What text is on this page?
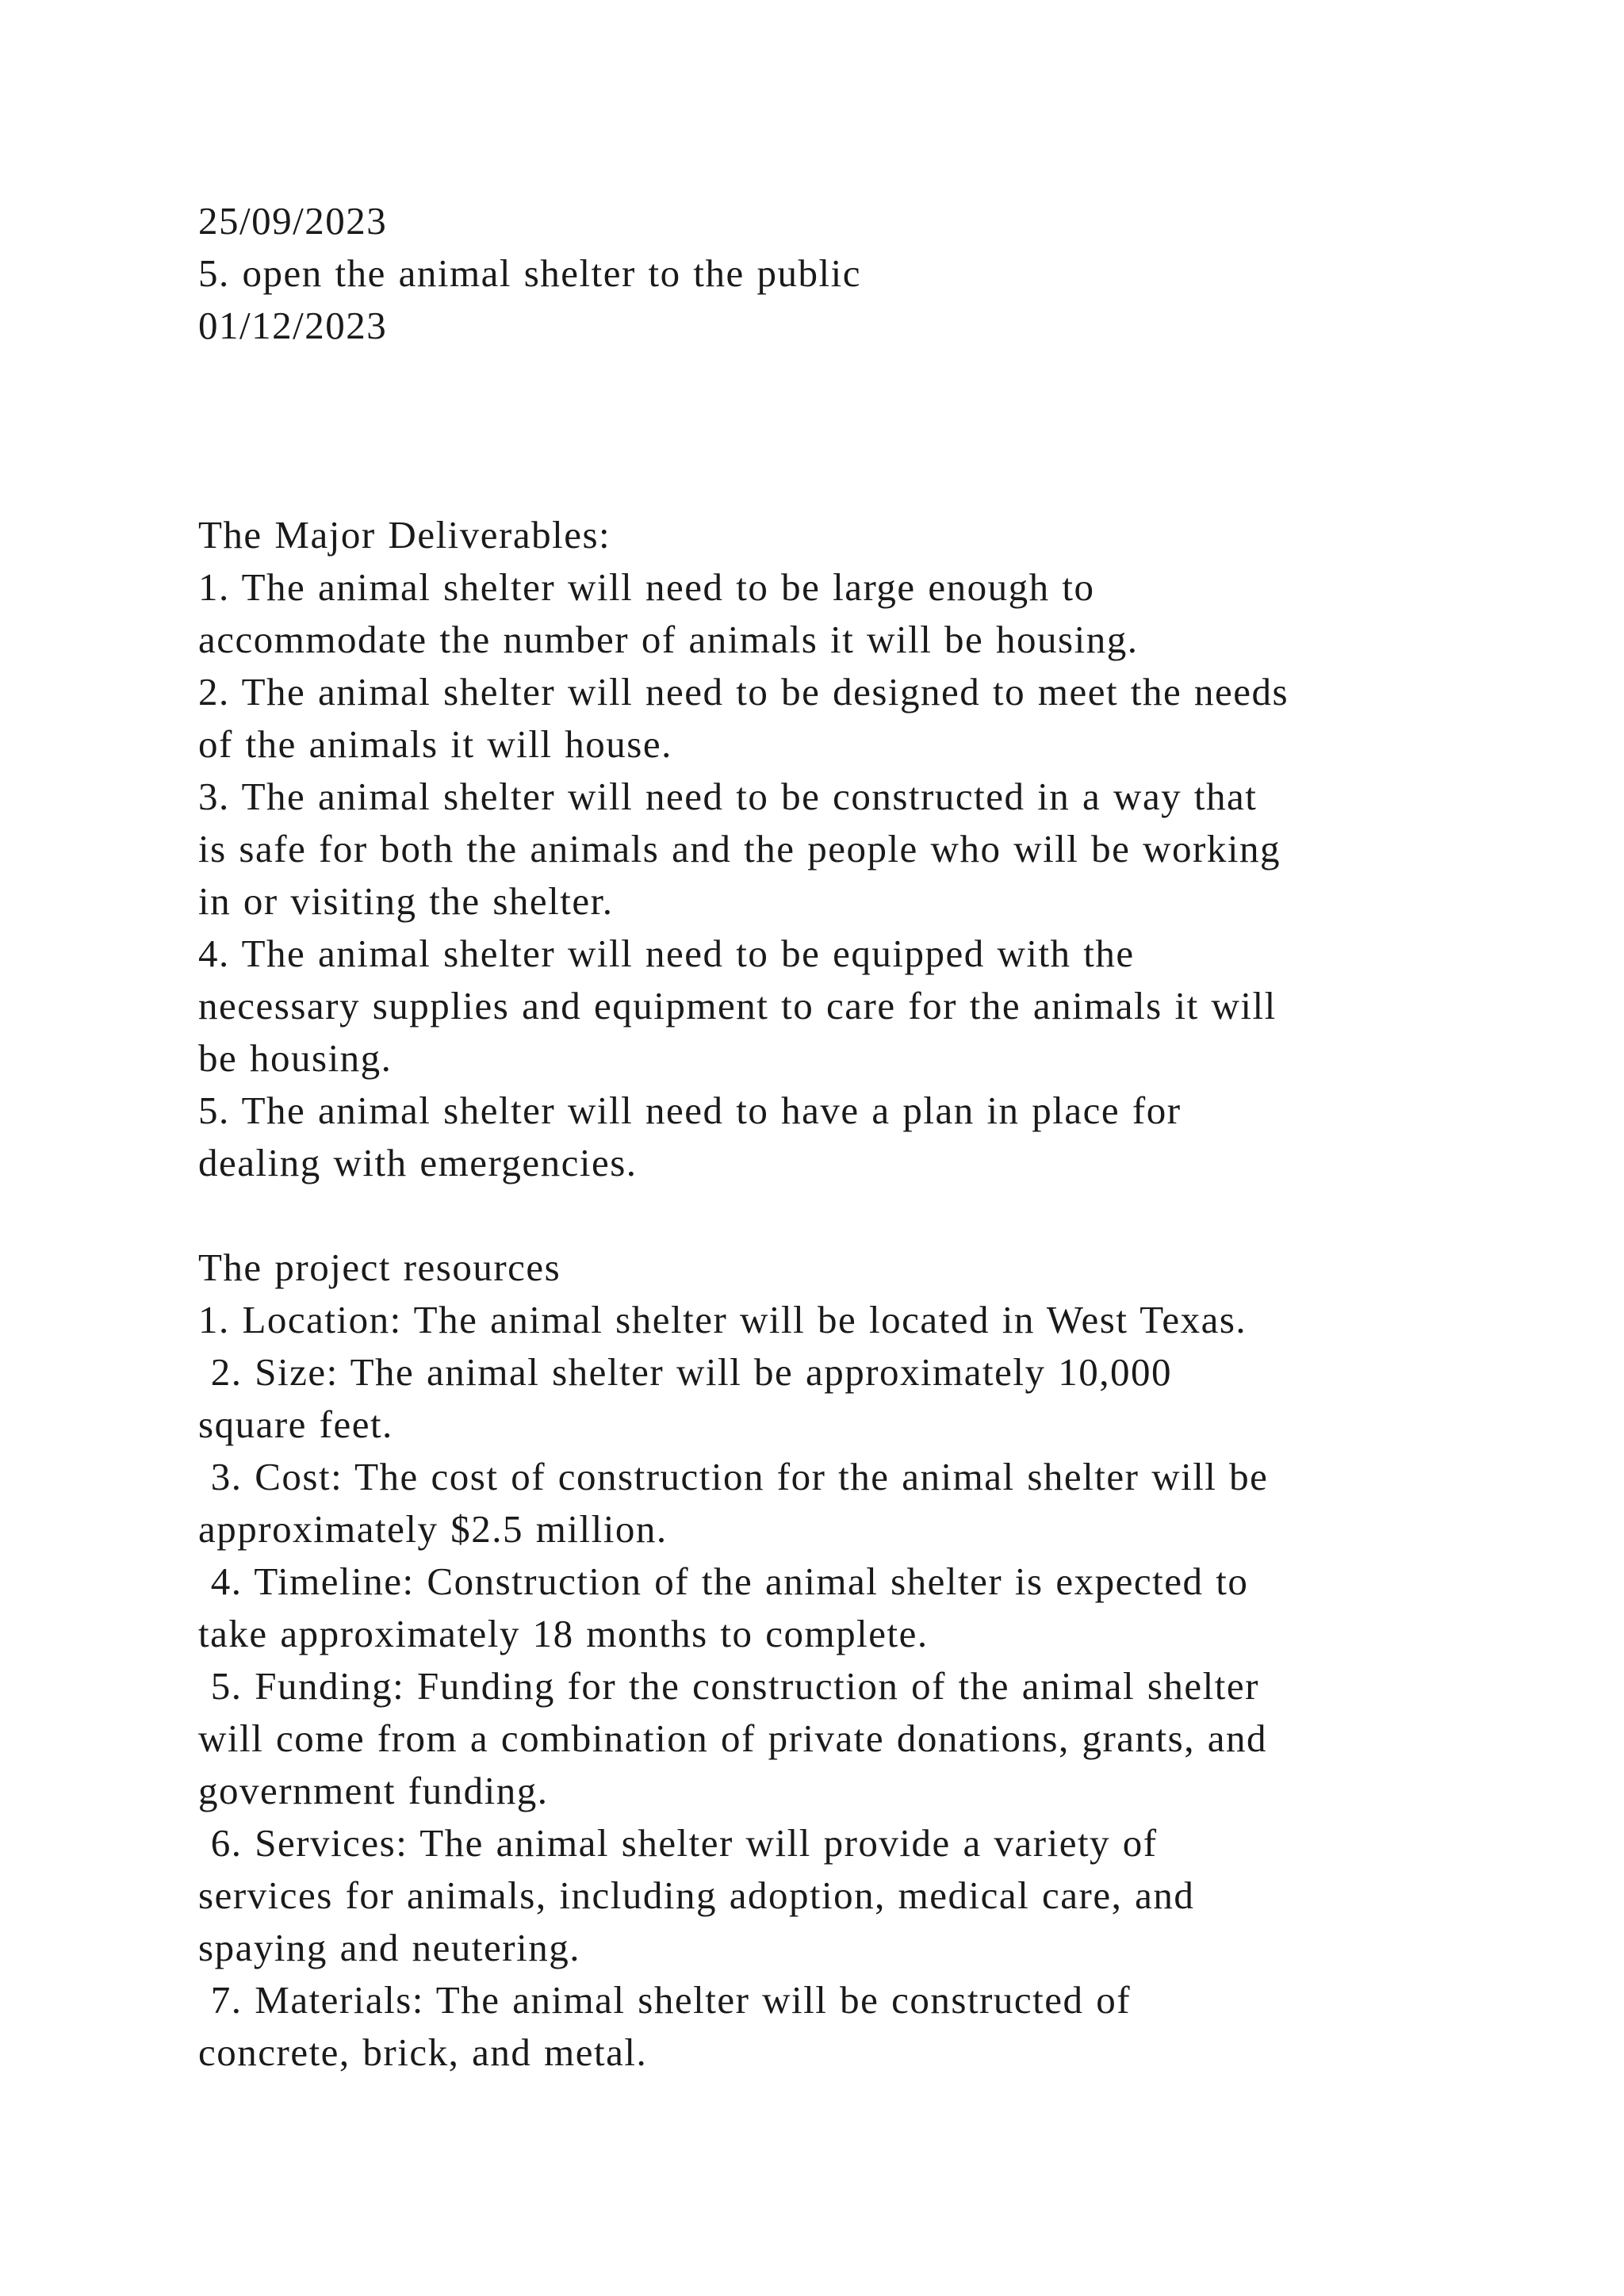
25/09/2023
5. open the animal shelter to the public
01/12/2023
The Major Deliverables:
1. The animal shelter will need to be large enough to
accommodate the number of animals it will be housing.
2. The animal shelter will need to be designed to meet the needs
of the animals it will house.
3. The animal shelter will need to be constructed in a way that
is safe for both the animals and the people who will be working
in or visiting the shelter.
4. The animal shelter will need to be equipped with the
necessary supplies and equipment to care for the animals it will
be housing.
5. The animal shelter will need to have a plan in place for
dealing with emergencies.
The project resources
1. Location: The animal shelter will be located in West Texas.
2. Size: The animal shelter will be approximately 10,000
square feet.
3. Cost: The cost of construction for the animal shelter will be
approximately $2.5 million.
4. Timeline: Construction of the animal shelter is expected to
take approximately 18 months to complete.
5. Funding: Funding for the construction of the animal shelter
will come from a combination of private donations, grants, and
government funding.
6. Services: The animal shelter will provide a variety of
services for animals, including adoption, medical care, and
spaying and neutering.
7. Materials: The animal shelter will be constructed of
concrete, brick, and metal.
